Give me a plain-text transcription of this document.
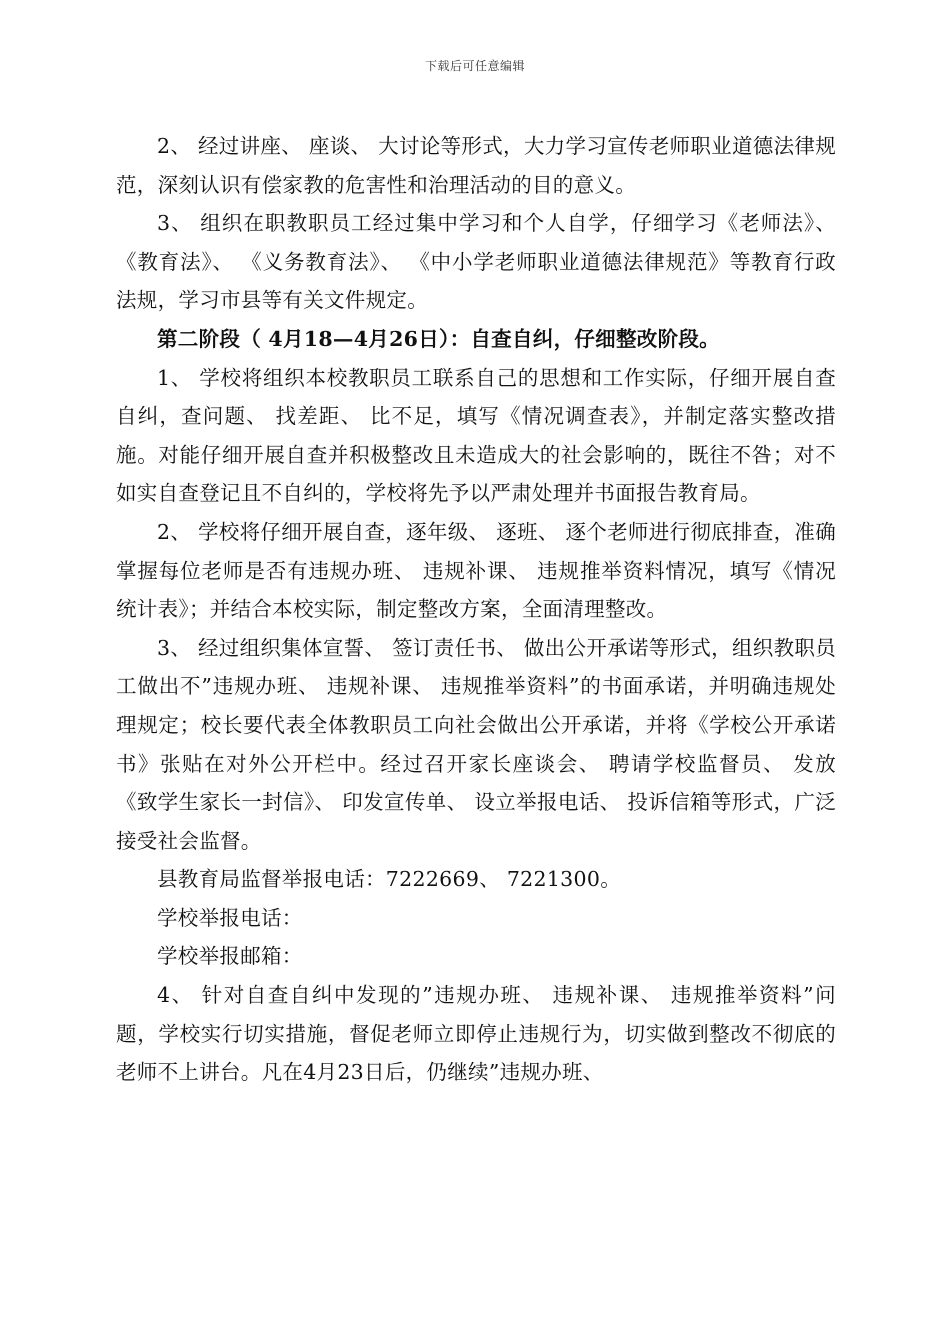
下载后可任意编辑

2、 经过讲座、 座谈、 大讨论等形式，大力学习宣传老师职业道德法律规范，深刻认识有偿家教的危害性和治理活动的目的意义。

3、 组织在职教职员工经过集中学习和个人自学，仔细学习《老师法》、 《教育法》、 《义务教育法》、 《中小学老师职业道德法律规范》等教育行政法规，学习市县等有关文件规定。

第二阶段（ 4月18—4月26日）：自查自纠，仔细整改阶段。

1、 学校将组织本校教职员工联系自己的思想和工作实际，仔细开展自查自纠，查问题、 找差距、 比不足，填写《情况调查表》，并制定落实整改措施。对能仔细开展自查并积极整改且未造成大的社会影响的，既往不咎；对不如实自查登记且不自纠的，学校将先予以严肃处理并书面报告教育局。

2、 学校将仔细开展自查，逐年级、 逐班、 逐个老师进行彻底排查，准确掌握每位老师是否有违规办班、 违规补课、 违规推举资料情况，填写《情况统计表》；并结合本校实际，制定整改方案，全面清理整改。

3、 经过组织集体宣誓、 签订责任书、 做出公开承诺等形式，组织教职员工做出不”违规办班、 违规补课、 违规推举资料”的书面承诺，并明确违规处理规定；校长要代表全体教职员工向社会做出公开承诺，并将《学校公开承诺书》张贴在对外公开栏中。经过召开家长座谈会、 聘请学校监督员、 发放《致学生家长一封信》、 印发宣传单、 设立举报电话、 投诉信箱等形式，广泛接受社会监督。

县教育局监督举报电话：7222669、 7221300。

学校举报电话：

学校举报邮箱：

4、 针对自查自纠中发现的”违规办班、 违规补课、 违规推举资料”问题，学校实行切实措施，督促老师立即停止违规行为，切实做到整改不彻底的老师不上讲台。凡在4月23日后，仍继续”违规办班、
